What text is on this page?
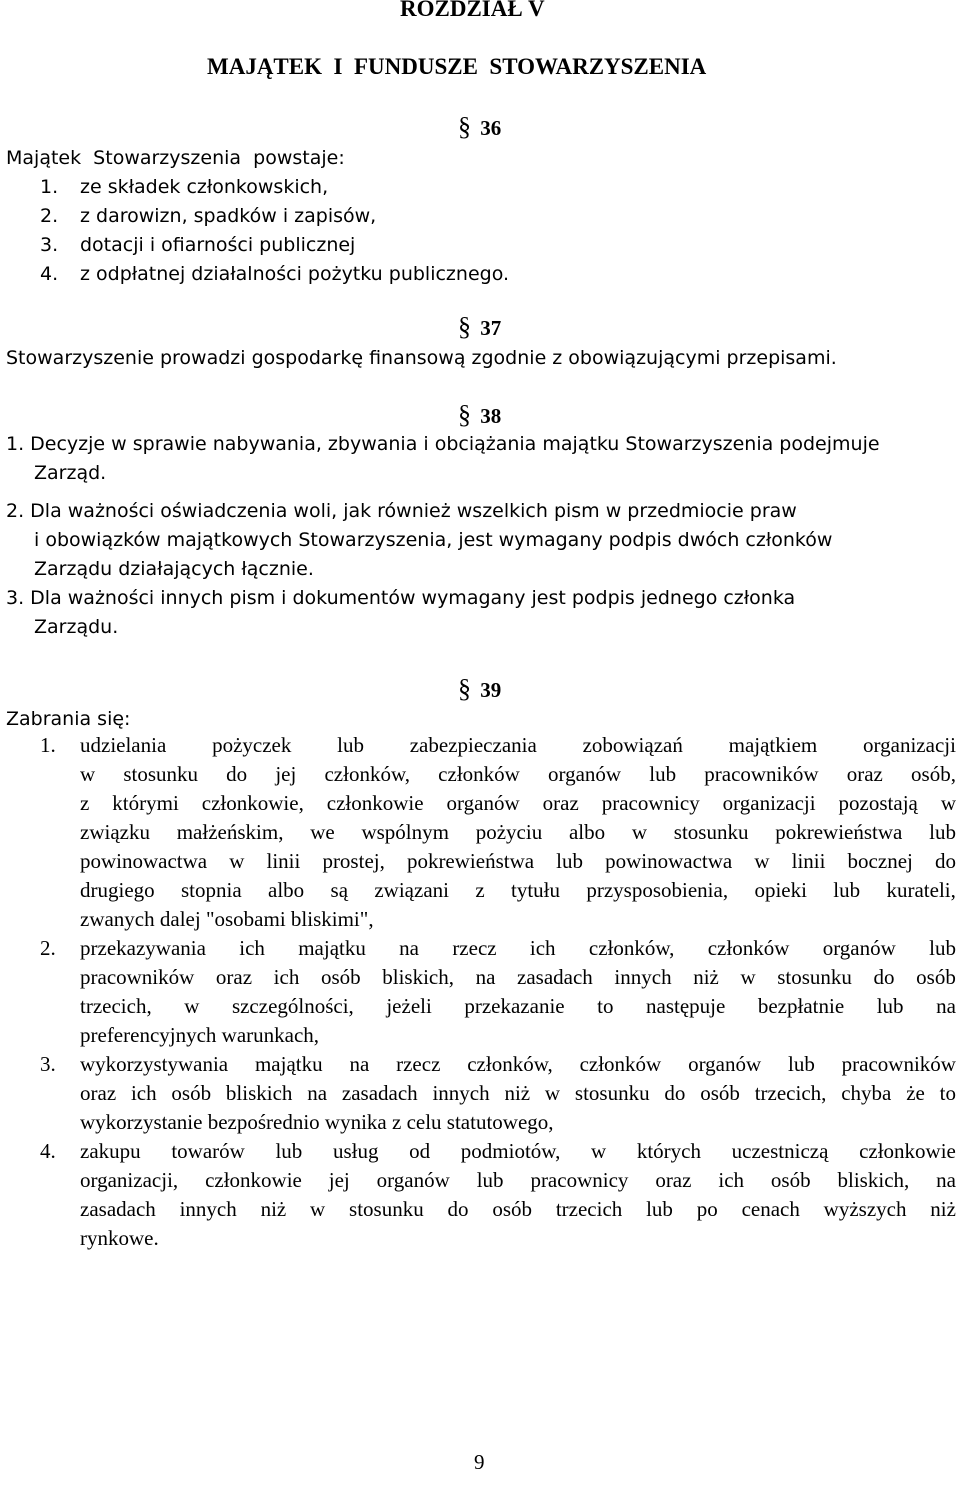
ROZDZIAŁ V
MAJĄTEK  I  FUNDUSZE  STOWARZYSZENIA
§ 36
Majątek  Stowarzyszenia  powstaje:
1. ze składek członkowskich,
2. z darowizn, spadków i zapisów,
3. dotacji i ofiarności publicznej
4. z odpłatnej działalności pożytku publicznego.
§ 37
Stowarzyszenie prowadzi gospodarkę finansową zgodnie z obowiązującymi przepisami.
§ 38
1. Decyzje w sprawie nabywania, zbywania i obciążania majątku Stowarzyszenia podejmuje
Zarząd.
2. Dla ważności oświadczenia woli, jak również wszelkich pism w przedmiocie praw
i obowiązków majątkowych Stowarzyszenia, jest wymagany podpis dwóch członków
Zarządu działających łącznie.
3. Dla ważności innych pism i dokumentów wymagany jest podpis jednego członka
Zarządu.
§ 39
Zabrania się:
1. udzielania pożyczek lub zabezpieczania zobowiązań majątkiem organizacji
w stosunku do jej członków, członków organów lub pracowników oraz osób,
z którymi członkowie, członkowie organów oraz pracownicy organizacji pozostają w
związku małżeńskim, we wspólnym pożyciu albo w stosunku pokrewieństwa lub
powinowactwa w linii prostej, pokrewieństwa lub powinowactwa w linii bocznej do
drugiego stopnia albo są związani z tytułu przysposobienia, opieki lub kurateli,
zwanych dalej "osobami bliskimi",
2. przekazywania ich majątku na rzecz ich członków, członków organów lub
pracowników oraz ich osób bliskich, na zasadach innych niż w stosunku do osób
trzecich, w szczególności, jeżeli przekazanie to następuje bezpłatnie lub na
preferencyjnych warunkach,
3. wykorzystywania majątku na rzecz członków, członków organów lub pracowników
oraz ich osób bliskich na zasadach innych niż w stosunku do osób trzecich, chyba że to
wykorzystanie bezpośrednio wynika z celu statutowego,
4. zakupu towarów lub usług od podmiotów, w których uczestniczą członkowie
organizacji, członkowie jej organów lub pracownicy oraz ich osób bliskich, na
zasadach innych niż w stosunku do osób trzecich lub po cenach wyższych niż
rynkowe.
9
